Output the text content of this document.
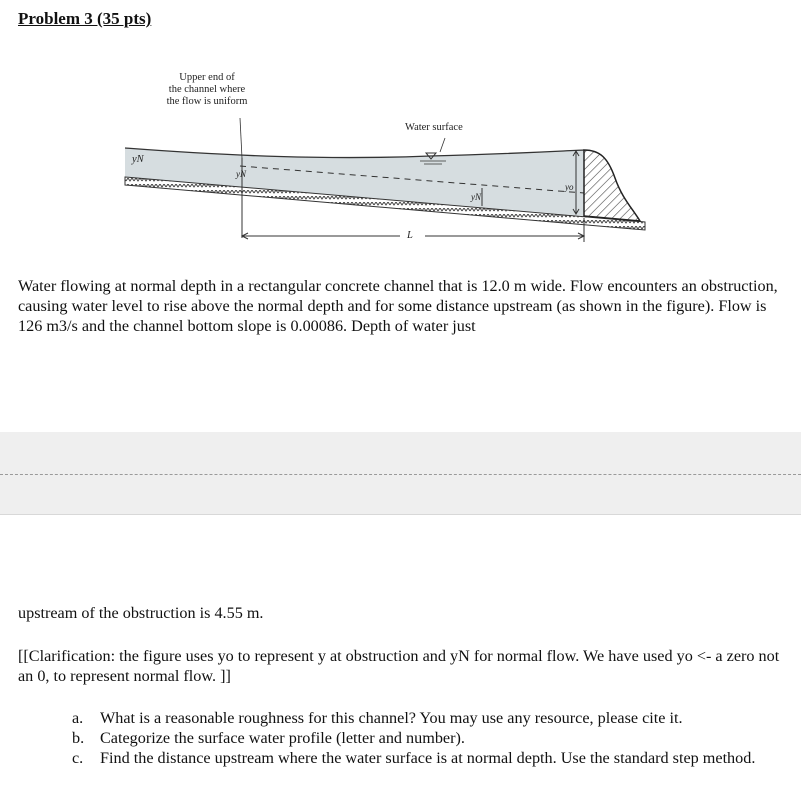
Problem 3 (35 pts)
Upper end of
the channel where
the flow is uniform
Water surface
yN
yN
yN
yo
L
Water flowing at normal depth in a rectangular concrete channel that is 12.0 m wide. Flow encounters an obstruction, causing water level to rise above the normal depth and for some distance upstream (as shown in the figure). Flow is 126 m3/s and the channel bottom slope is 0.00086. Depth of water just
upstream of the obstruction is 4.55 m.
[[Clarification: the figure uses yo to represent y at obstruction and yN for normal flow. We have used yo <- a zero not an 0, to represent normal flow. ]]
a.	What is a reasonable roughness for this channel? You may use any resource, please cite it.
b. Categorize the surface water profile (letter and number).
c.	Find the distance upstream where the water surface is at normal depth. Use the standard step method.
